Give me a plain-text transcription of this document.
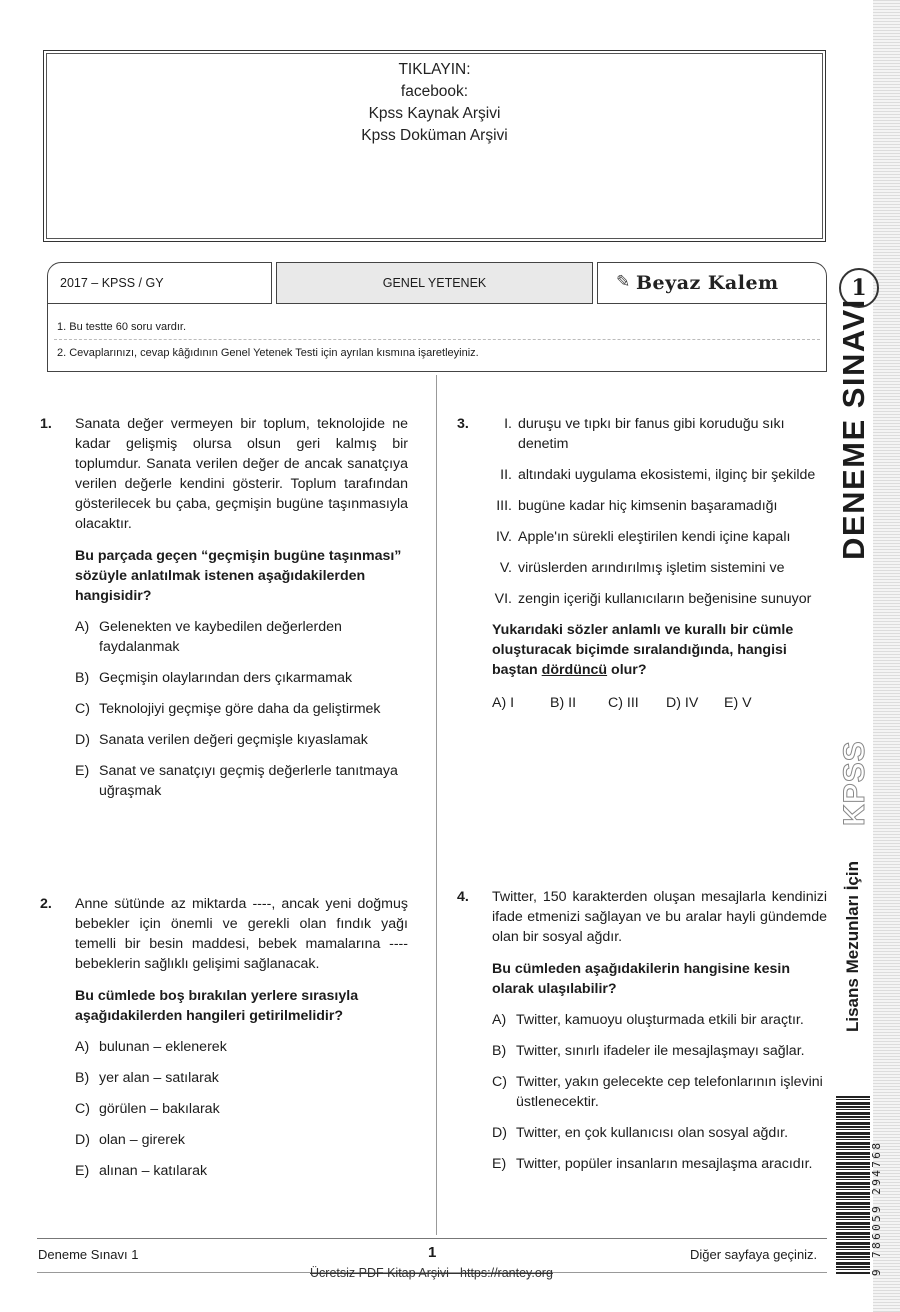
TIKLAYIN:
facebook:
Kpss Kaynak Arşivi
Kpss Doküman Arşivi
2017 – KPSS / GY	GENEL YETENEK	✎ Beyaz Kalem

1. Bu testte 60 soru vardır.

2. Cevaplarınızı, cevap kâğıdının Genel Yetenek Testi için ayrılan kısmına işaretleyiniz.

1. Sanata değer vermeyen bir toplum, teknolojide ne kadar gelişmiş olursa olsun geri kalmış bir toplumdur. Sanata verilen değer de ancak sanatçıya verilen değerle kendini gösterir. Toplum tarafından gösterilecek bu çaba, geçmişin bugüne taşınmasıyla olacaktır.
Bu parçada geçen “geçmişin bugüne taşınması” sözüyle anlatılmak istenen aşağıdakilerden hangisidir?
A) Gelenekten ve kaybedilen değerlerden faydalanmak
B) Geçmişin olaylarından ders çıkarmamak
C) Teknolojiyi geçmişe göre daha da geliştirmek
D) Sanata verilen değeri geçmişle kıyaslamak
E) Sanat ve sanatçıyı geçmiş değerlerle tanıtmaya uğraşmak
2. Anne sütünde az miktarda ----, ancak yeni doğmuş bebekler için önemli ve gerekli olan fındık yağı temelli bir besin maddesi, bebek mamalarına ---- bebeklerin sağlıklı gelişimi sağlanacak.
Bu cümlede boş bırakılan yerlere sırasıyla aşağıdakilerden hangileri getirilmelidir?
A) bulunan – eklenerek
B) yer alan – satılarak
C) görülen – bakılarak
D) olan – girerek
E) alınan – katılarak
3. I. duruşu ve tıpkı bir fanus gibi koruduğu sıkı denetim
II. altındaki uygulama ekosistemi, ilginç bir şekilde
III. bugüne kadar hiç kimsenin başaramadığı
IV. Apple'ın sürekli eleştirilen kendi içine kapalı
V. virüslerden arındırılmış işletim sistemini ve
VI. zengin içeriği kullanıcıların beğenisine sunuyor
Yukarıdaki sözler anlamlı ve kurallı bir cümle oluşturacak biçimde sıralandığında, hangisi baştan dördüncü olur?
A) I	B) II	C) III	D) IV	E) V
4. Twitter, 150 karakterden oluşan mesajlarla kendinizi ifade etmenizi sağlayan ve bu aralar hayli gündemde olan bir sosyal ağdır.
Bu cümleden aşağıdakilerin hangisine kesin olarak ulaşılabilir?
A) Twitter, kamuoyu oluşturmada etkili bir araçtır.
B) Twitter, sınırlı ifadeler ile mesajlaşmayı sağlar.
C) Twitter, yakın gelecekte cep telefonlarının işlevini üstlenecektir.
D) Twitter, en çok kullanıcısı olan sosyal ağdır.
E) Twitter, popüler insanların mesajlaşma aracıdır.
Deneme Sınavı 1	1	Diğer sayfaya geçiniz.
Ücretsiz PDF Kitap Arşivi - https://rantey.org
1
DENEME SINAVI
KPSS
Lisans Mezunları İçin
9 786059 294768
